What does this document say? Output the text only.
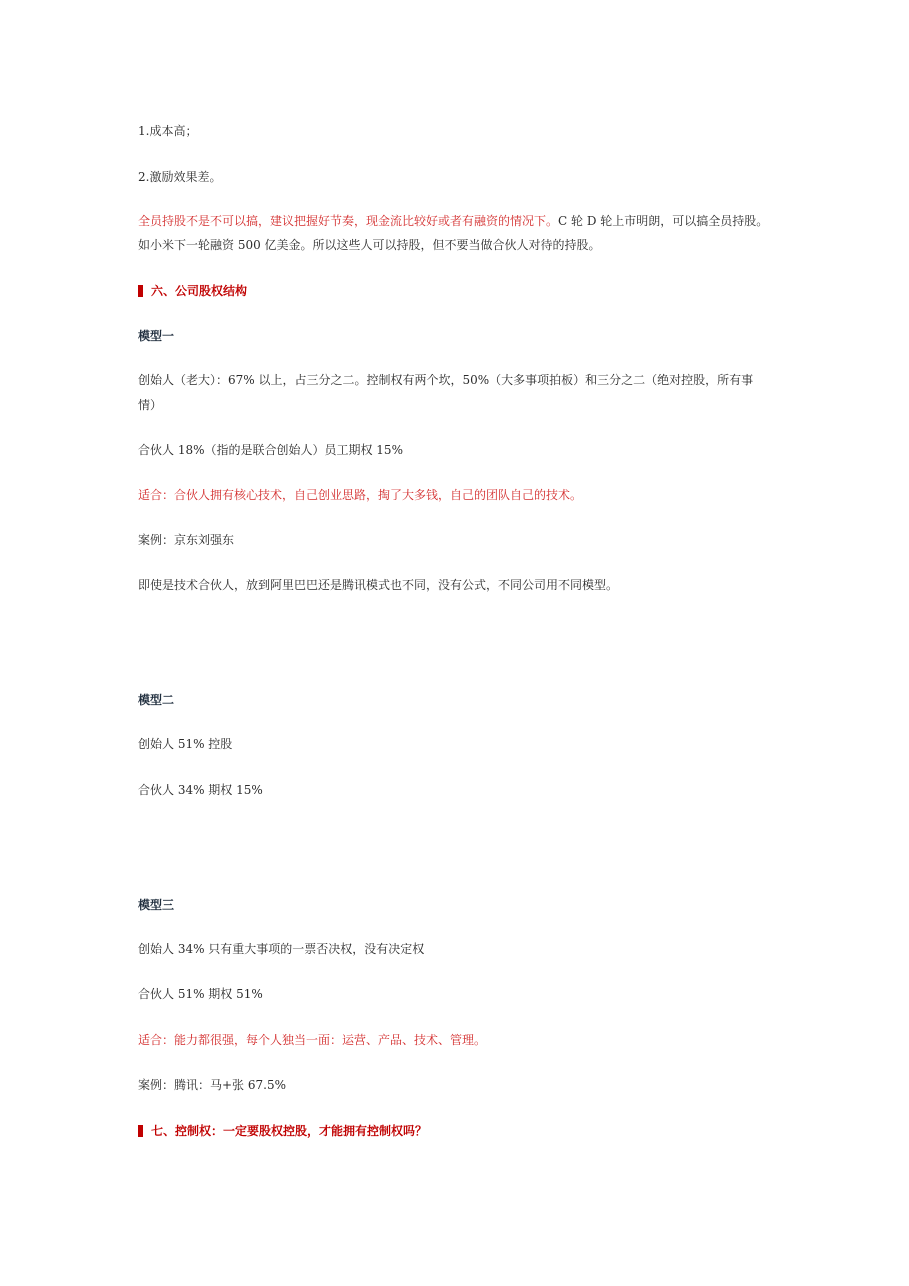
1.成本高；
2.激励效果差。
全员持股不是不可以搞，建议把握好节奏，现金流比较好或者有融资的情况下。C 轮 D 轮上市明朗，可以搞全员持股。
如小米下一轮融资 500 亿美金。所以这些人可以持股，但不要当做合伙人对待的持股。
六、公司股权结构
模型一
创始人（老大）：67% 以上，占三分之二。控制权有两个坎，50%（大多事项拍板）和三分之二（绝对控股，所有事
情）
合伙人 18%（指的是联合创始人）员工期权 15%
适合：合伙人拥有核心技术，自己创业思路，掏了大多钱，自己的团队自己的技术。
案例：京东刘强东
即使是技术合伙人，放到阿里巴巴还是腾讯模式也不同，没有公式，不同公司用不同模型。
模型二
创始人 51% 控股
合伙人 34% 期权 15%
模型三
创始人 34% 只有重大事项的一票否决权，没有决定权
合伙人 51% 期权 51%
适合：能力都很强，每个人独当一面：运营、产品、技术、管理。
案例：腾讯：马+张 67.5%
七、控制权：一定要股权控股，才能拥有控制权吗？
